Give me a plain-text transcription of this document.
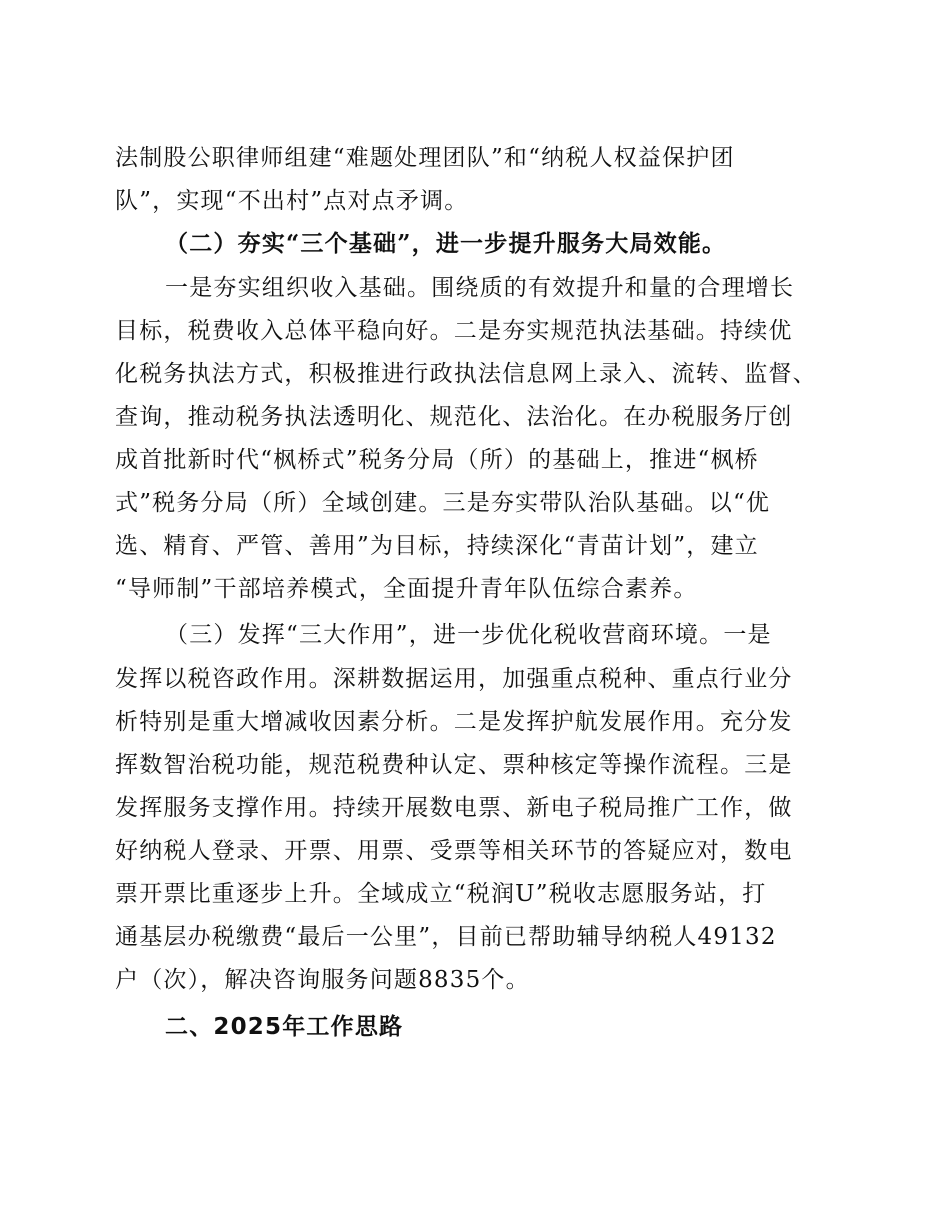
法制股公职律师组建“难题处理团队”和“纳税人权益保护团
队”，实现“不出村”点对点矛调。
（二）夯实“三个基础”，进一步提升服务大局效能。
一是夯实组织收入基础。围绕质的有效提升和量的合理增长
目标，税费收入总体平稳向好。二是夯实规范执法基础。持续优
化税务执法方式，积极推进行政执法信息网上录入、流转、监督、
查询，推动税务执法透明化、规范化、法治化。在办税服务厅创
成首批新时代“枫桥式”税务分局（所）的基础上，推进“枫桥
式”税务分局（所）全域创建。三是夯实带队治队基础。以“优
选、精育、严管、善用”为目标，持续深化“青苗计划”，建立
“导师制”干部培养模式，全面提升青年队伍综合素养。
（三）发挥“三大作用”，进一步优化税收营商环境。一是
发挥以税咨政作用。深耕数据运用，加强重点税种、重点行业分
析特别是重大增减收因素分析。二是发挥护航发展作用。充分发
挥数智治税功能，规范税费种认定、票种核定等操作流程。三是
发挥服务支撑作用。持续开展数电票、新电子税局推广工作，做
好纳税人登录、开票、用票、受票等相关环节的答疑应对，数电
票开票比重逐步上升。全域成立“税润U”税收志愿服务站，打
通基层办税缴费“最后一公里”，目前已帮助辅导纳税人49132
户（次），解决咨询服务问题8835个。
二、2025年工作思路
